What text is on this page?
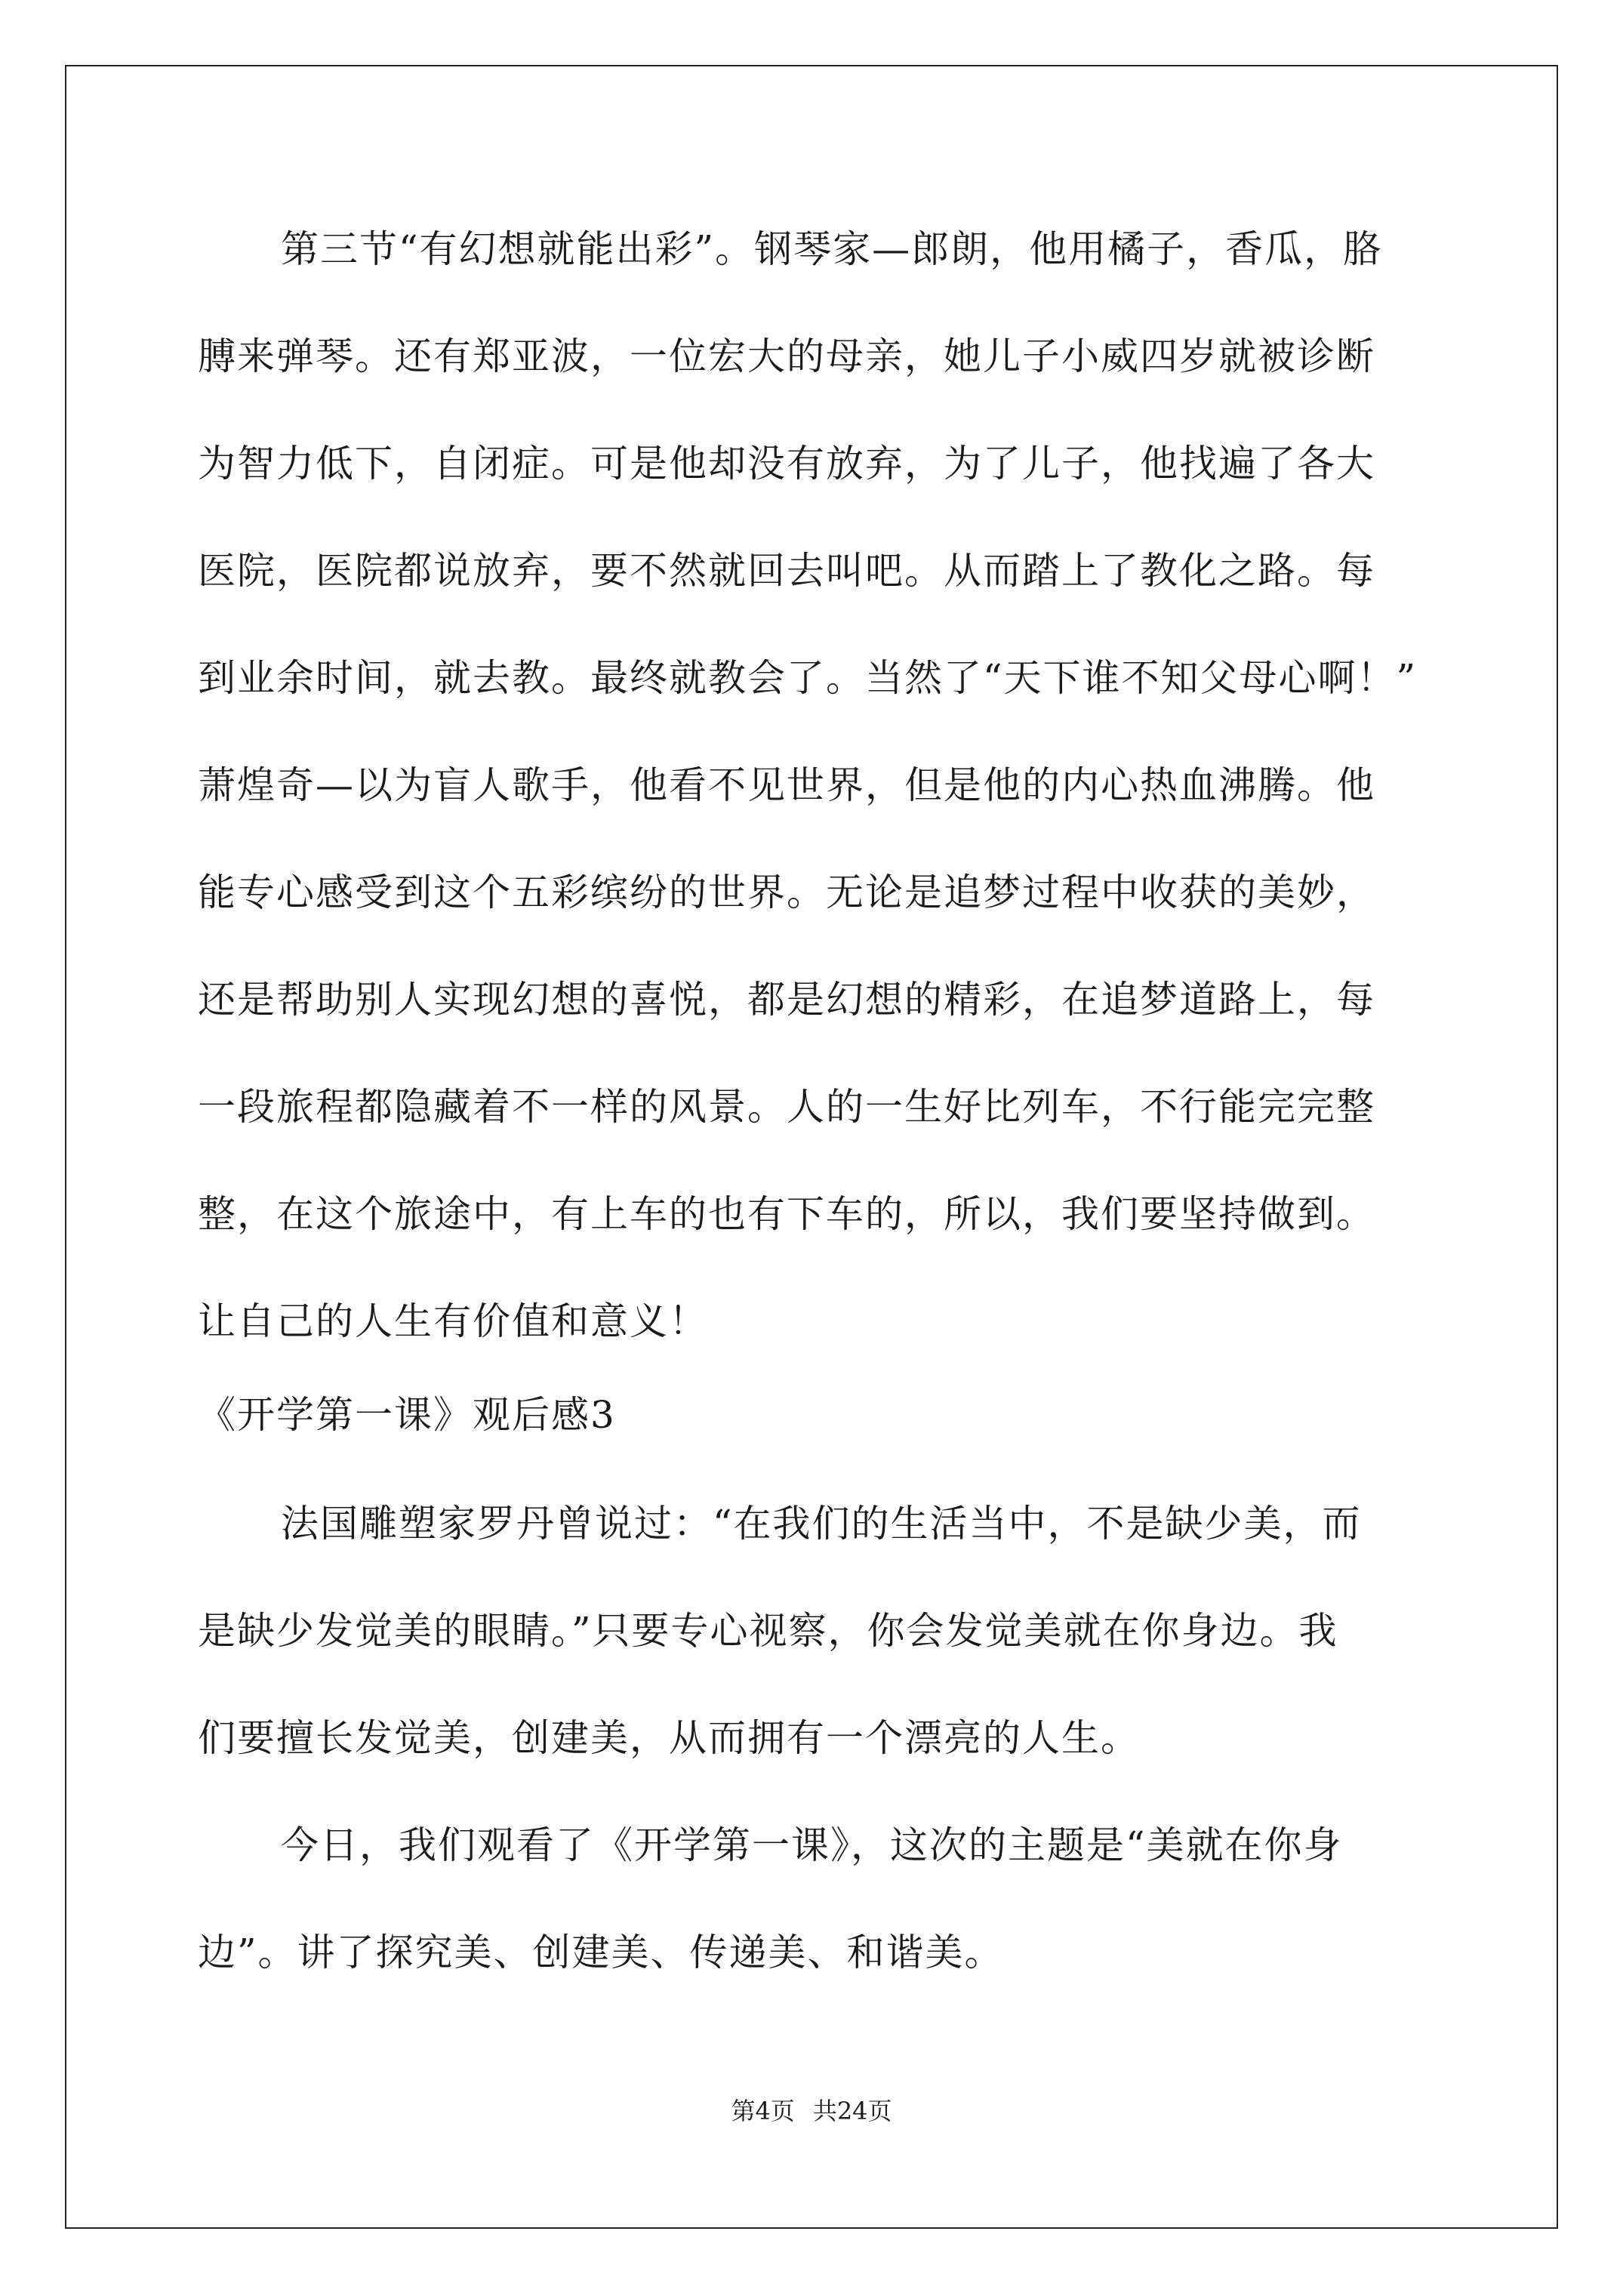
第三节“有幻想就能出彩”。钢琴家—郎朗，他用橘子，香瓜，胳
膊来弹琴。还有郑亚波，一位宏大的母亲，她儿子小威四岁就被诊断
为智力低下，自闭症。可是他却没有放弃，为了儿子，他找遍了各大
医院，医院都说放弃，要不然就回去叫吧。从而踏上了教化之路。每
到业余时间，就去教。最终就教会了。当然了“天下谁不知父母心啊！”
萧煌奇—以为盲人歌手，他看不见世界，但是他的内心热血沸腾。他
能专心感受到这个五彩缤纷的世界。无论是追梦过程中收获的美妙，
还是帮助别人实现幻想的喜悦，都是幻想的精彩，在追梦道路上，每
一段旅程都隐藏着不一样的风景。人的一生好比列车，不行能完完整
整，在这个旅途中，有上车的也有下车的，所以，我们要坚持做到。
让自己的人生有价值和意义！
《开学第一课》观后感3
法国雕塑家罗丹曾说过：“在我们的生活当中，不是缺少美，而
是缺少发觉美的眼睛。”只要专心视察，你会发觉美就在你身边。我
们要擅长发觉美，创建美，从而拥有一个漂亮的人生。
今日，我们观看了《开学第一课》，这次的主题是“美就在你身
边”。讲了探究美、创建美、传递美、和谐美。
第4页 共24页
